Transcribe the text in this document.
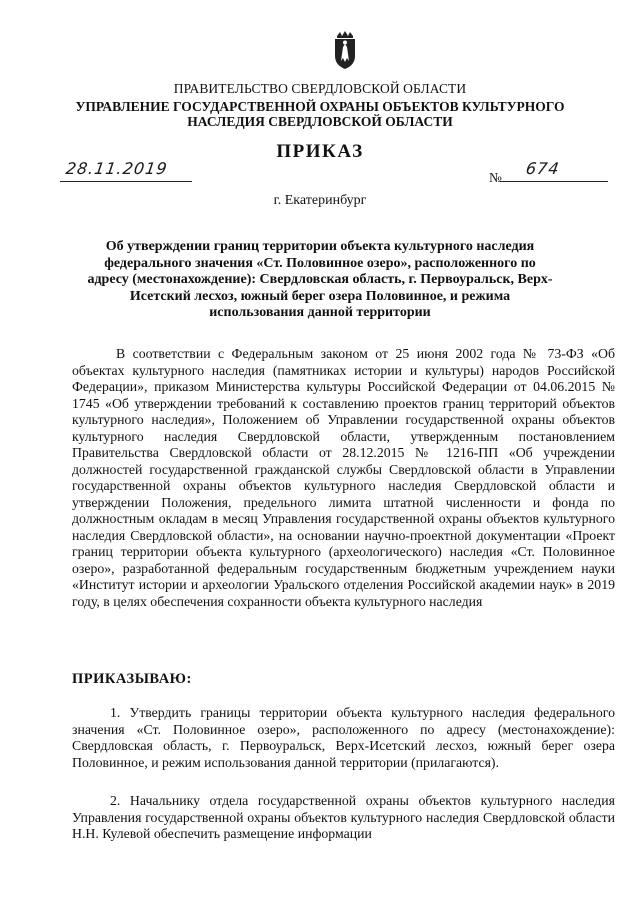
ПРАВИТЕЛЬСТВО СВЕРДЛОВСКОЙ ОБЛАСТИ
УПРАВЛЕНИЕ ГОСУДАРСТВЕННОЙ ОХРАНЫ ОБЪЕКТОВ КУЛЬТУРНОГО НАСЛЕДИЯ СВЕРДЛОВСКОЙ ОБЛАСТИ
ПРИКАЗ
28.11.2019	№ 674
г. Екатеринбург
Об утверждении границ территории объекта культурного наследия федерального значения «Ст. Половинное озеро», расположенного по адресу (местонахождение): Свердловская область, г. Первоуральск, Верх-Исетский лесхоз, южный берег озера Половинное, и режима использования данной территории

В соответствии с Федеральным законом от 25 июня 2002 года № 73-ФЗ «Об объектах культурного наследия (памятниках истории и культуры) народов Российской Федерации», приказом Министерства культуры Российской Федерации от 04.06.2015 № 1745 «Об утверждении требований к составлению проектов границ территорий объектов культурного наследия», Положением об Управлении государственной охраны объектов культурного наследия Свердловской области, утвержденным постановлением Правительства Свердловской области от 28.12.2015 № 1216-ПП «Об учреждении должностей государственной гражданской службы Свердловской области в Управлении государственной охраны объектов культурного наследия Свердловской области и утверждении Положения, предельного лимита штатной численности и фонда по должностным окладам в месяц Управления государственной охраны объектов культурного наследия Свердловской области», на основании научно-проектной документации «Проект границ территории объекта культурного (археологического) наследия «Ст. Половинное озеро», разработанной федеральным государственным бюджетным учреждением науки «Институт истории и археологии Уральского отделения Российской академии наук» в 2019 году, в целях обеспечения сохранности объекта культурного наследия

ПРИКАЗЫВАЮ:

1. Утвердить границы территории объекта культурного наследия федерального значения «Ст. Половинное озеро», расположенного по адресу (местонахождение): Свердловская область, г. Первоуральск, Верх-Исетский лесхоз, южный берег озера Половинное, и режим использования данной территории (прилагаются).

2. Начальнику отдела государственной охраны объектов культурного наследия Управления государственной охраны объектов культурного наследия Свердловской области Н.Н. Кулевой обеспечить размещение информации
